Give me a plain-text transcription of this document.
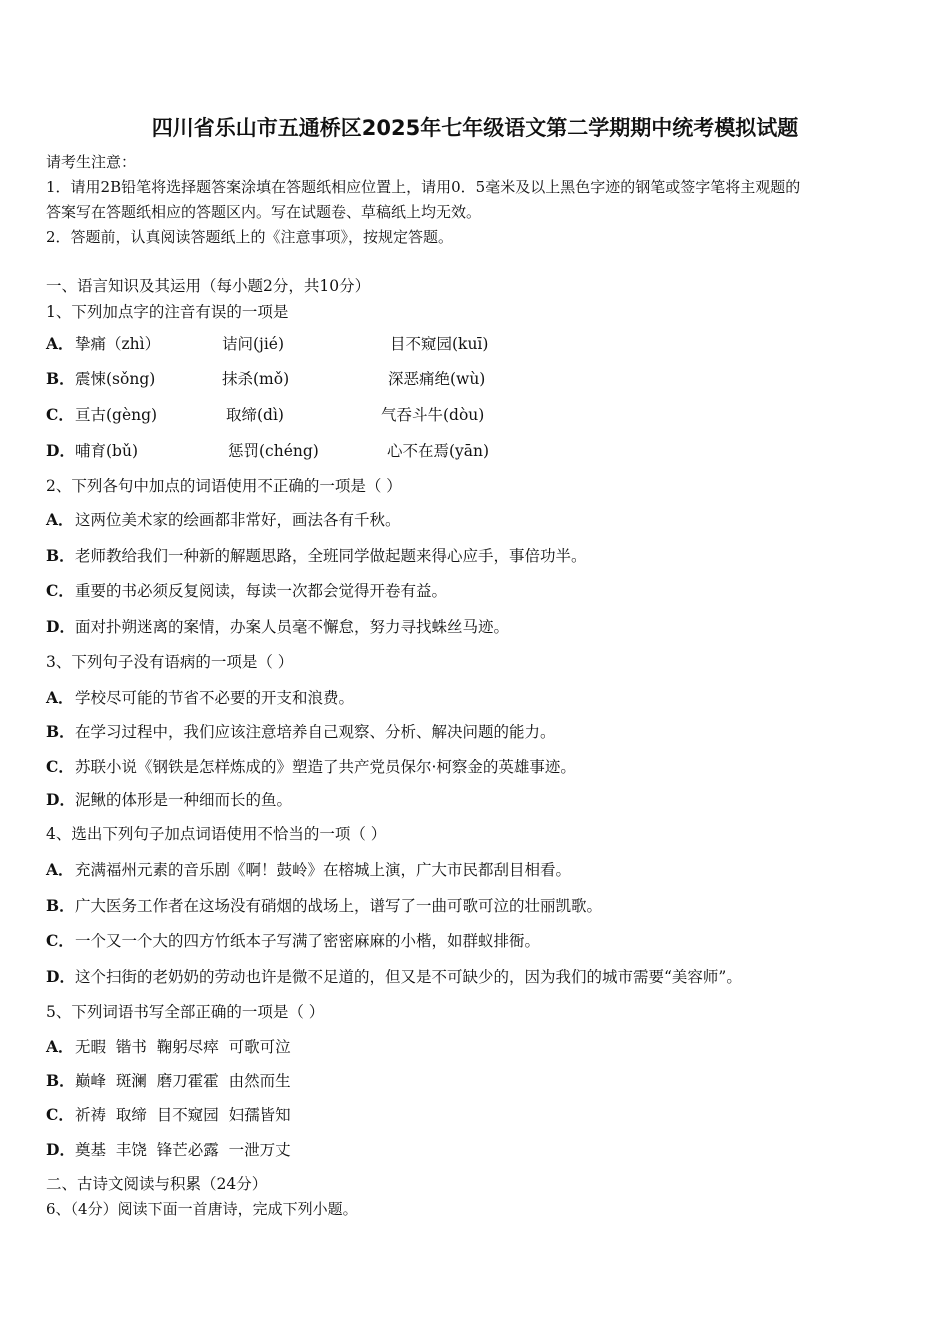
四川省乐山市五通桥区2025年七年级语文第二学期期中统考模拟试题
请考生注意：
1．请用2B铅笔将选择题答案涂填在答题纸相应位置上，请用0．5毫米及以上黑色字迹的钢笔或签字笔将主观题的
答案写在答题纸相应的答题区内。写在试题卷、草稿纸上均无效。
2．答题前，认真阅读答题纸上的《注意事项》，按规定答题。
一、语言知识及其运用（每小题2分，共10分）
1、下列加点字的注音有误的一项是
A．挚痛（zhì）	诘问(jié)	目不窥园(kuī)
B．震悚(sǒng)	抹杀(mǒ)	深恶痛绝(wù)
C．亘古(gèng)	取缔(dì)	气吞斗牛(dòu)
D．哺育(bǔ)	惩罚(chéng)	心不在焉(yān)
2、下列各句中加点的词语使用不正确的一项是（ ）
A．这两位美术家的绘画都非常好，画法各有千秋。
B．老师教给我们一种新的解题思路，全班同学做起题来得心应手，事倍功半。
C．重要的书必须反复阅读，每读一次都会觉得开卷有益。
D．面对扑朔迷离的案情，办案人员毫不懈怠，努力寻找蛛丝马迹。
3、下列句子没有语病的一项是（ ）
A．学校尽可能的节省不必要的开支和浪费。
B．在学习过程中，我们应该注意培养自己观察、分析、解决问题的能力。
C．苏联小说《钢铁是怎样炼成的》塑造了共产党员保尔·柯察金的英雄事迹。
D．泥鳅的体形是一种细而长的鱼。
4、选出下列句子加点词语使用不恰当的一项（ ）
A．充满福州元素的音乐剧《啊！鼓岭》在榕城上演，广大市民都刮目相看。
B．广大医务工作者在这场没有硝烟的战场上，谱写了一曲可歌可泣的壮丽凯歌。
C．一个又一个大的四方竹纸本子写满了密密麻麻的小楷，如群蚁排衙。
D．这个扫街的老奶奶的劳动也许是微不足道的，但又是不可缺少的，因为我们的城市需要“美容师”。
5、下列词语书写全部正确的一项是（ ）
A．无暇  锴书  鞠躬尽瘁  可歌可泣
B．巅峰  斑澜  磨刀霍霍  由然而生
C．祈祷  取缔  目不窥园  妇孺皆知
D．奠基  丰饶  锋芒必露  一泄万丈
二、古诗文阅读与积累（24分）
6、（4分）阅读下面一首唐诗，完成下列小题。
